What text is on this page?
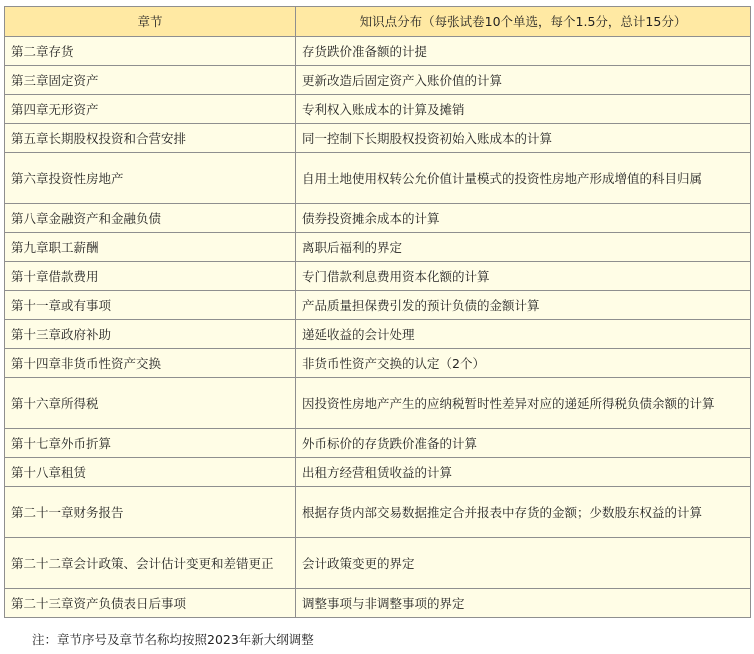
章节	知识点分布（每张试卷10个单选，每个1.5分，总计15分）
第二章存货	存货跌价准备额的计提
第三章固定资产	更新改造后固定资产入账价值的计算
第四章无形资产	专利权入账成本的计算及摊销
第五章长期股权投资和合营安排	同一控制下长期股权投资初始入账成本的计算
第六章投资性房地产	自用土地使用权转公允价值计量模式的投资性房地产形成增值的科目归属
第八章金融资产和金融负债	债券投资摊余成本的计算
第九章职工薪酬	离职后福利的界定
第十章借款费用	专门借款利息费用资本化额的计算
第十一章或有事项	产品质量担保费引发的预计负债的金额计算
第十三章政府补助	递延收益的会计处理
第十四章非货币性资产交换	非货币性资产交换的认定（2个）
第十六章所得税	因投资性房地产产生的应纳税暂时性差异对应的递延所得税负债余额的计算
第十七章外币折算	外币标价的存货跌价准备的计算
第十八章租赁	出租方经营租赁收益的计算
第二十一章财务报告	根据存货内部交易数据推定合并报表中存货的金额；少数股东权益的计算
第二十二章会计政策、会计估计变更和差错更正	会计政策变更的界定
第二十三章资产负债表日后事项	调整事项与非调整事项的界定
注：章节序号及章节名称均按照2023年新大纲调整
